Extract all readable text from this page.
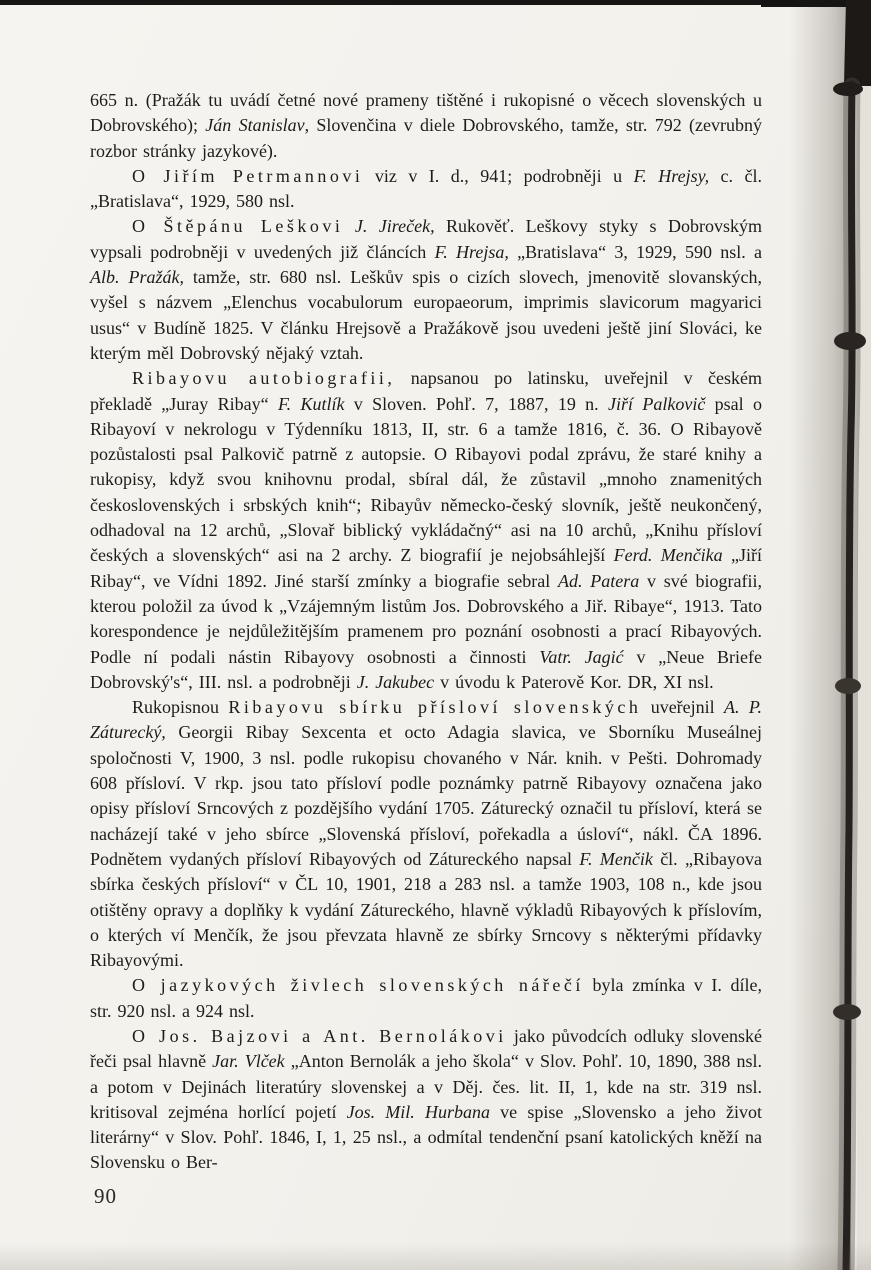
665 n. (Pražák tu uvádí četné nové prameny tištěné i rukopisné o věcech slovenských u Dobrovského); Ján Stanislav, Slovenčina v diele Dobrovského, tamže, str. 792 (zevrubný rozbor stránky jazykové).

O Jiřím Petrmannovi viz v I. d., 941; podrobněji u F. Hrejsy, c. čl. „Bratislava“, 1929, 580 nsl.

O Štěpánu Leškovi J. Jireček, Rukověť. Leškovy styky s Dobrovským vypsali podrobněji v uvedených již článcích F. Hrejsa, „Bratislava“ 3, 1929, 590 nsl. a Alb. Pražák, tamže, str. 680 nsl. Leškův spis o cizích slovech, jmenovitě slovanských, vyšel s názvem „Elenchus vocabulorum europaeorum, imprimis slavicorum magyarici usus“ v Budíně 1825. V článku Hrejsově a Pražákově jsou uvedeni ještě jiní Slováci, ke kterým měl Dobrovský nějaký vztah.

Ribayovu autobiografii, napsanou po latinsku, uveřejnil v českém překladě „Juray Ribay“ F. Kutlík v Sloven. Pohľ. 7, 1887, 19 n. Jiří Palkovič psal o Ribayoví v nekrologu v Týdenníku 1813, II, str. 6 a tamže 1816, č. 36. O Ribayově pozůstalosti psal Palkovič patrně z autopsie. O Ribayovi podal zprávu, že staré knihy a rukopisy, když svou knihovnu prodal, sbíral dál, že zůstavil „mnoho znamenitých československých i srbských knih“; Ribayův německo-český slovník, ještě neukončený, odhadoval na 12 archů, „Slovař biblický vykládačný“ asi na 10 archů, „Knihu přísloví českých a slovenských“ asi na 2 archy. Z biografií je nejobsáhlejší Ferd. Menčika „Jiří Ribay“, ve Vídni 1892. Jiné starší zmínky a biografie sebral Ad. Patera v své biografii, kterou položil za úvod k „Vzájemným listům Jos. Dobrovského a Jiř. Ribaye“, 1913. Tato korespondence je nejdůležitějším pramenem pro poznání osobnosti a prací Ribayových. Podle ní podali nástin Ribayovy osobnosti a činnosti Vatr. Jagić v „Neue Briefe Dobrovský's“, III. nsl. a podrobněji J. Jakubec v úvodu k Paterově Kor. DR, XI nsl.

Rukopisnou Ribayovu sbírku přísloví slovenských uveřejnil A. P. Záturecký, Georgii Ribay Sexcenta et octo Adagia slavica, ve Sborníku Museálnej spoločnosti V, 1900, 3 nsl. podle rukopisu chovaného v Nár. knih. v Pešti. Dohromady 608 přísloví. V rkp. jsou tato přísloví podle poznámky patrně Ribayovy označena jako opisy přísloví Srncových z pozdějšího vydání 1705. Záturecký označil tu přísloví, která se nacházejí také v jeho sbírce „Slovenská přísloví, pořekadla a úsloví“, nákl. ČA 1896. Podnětem vydaných přísloví Ribayových od Zátureckého napsal F. Menčik čl. „Ribayova sbírka českých přísloví“ v ČL 10, 1901, 218 a 283 nsl. a tamže 1903, 108 n., kde jsou otištěny opravy a doplňky k vydání Zátureckého, hlavně výkladů Ribayových k příslovím, o kterých ví Menčík, že jsou převzata hlavně ze sbírky Srncovy s některými přídavky Ribayovými.

O jazykových živlech slovenských nářečí byla zmínka v I. díle, str. 920 nsl. a 924 nsl.

O Jos. Bajzovi a Ant. Bernolákovi jako původcích odluky slovenské řeči psal hlavně Jar. Vlček „Anton Bernolák a jeho škola“ v Slov. Pohľ. 10, 1890, 388 nsl. a potom v Dejinách literatúry slovenskej a v Děj. čes. lit. II, 1, kde na str. 319 nsl. kritisoval zejména horlící pojetí Jos. Mil. Hurbana ve spise „Slovensko a jeho život literárny“ v Slov. Pohľ. 1846, I, 1, 25 nsl., a odmítal tendenční psaní katolických kněží na Slovensku o Ber-

90
